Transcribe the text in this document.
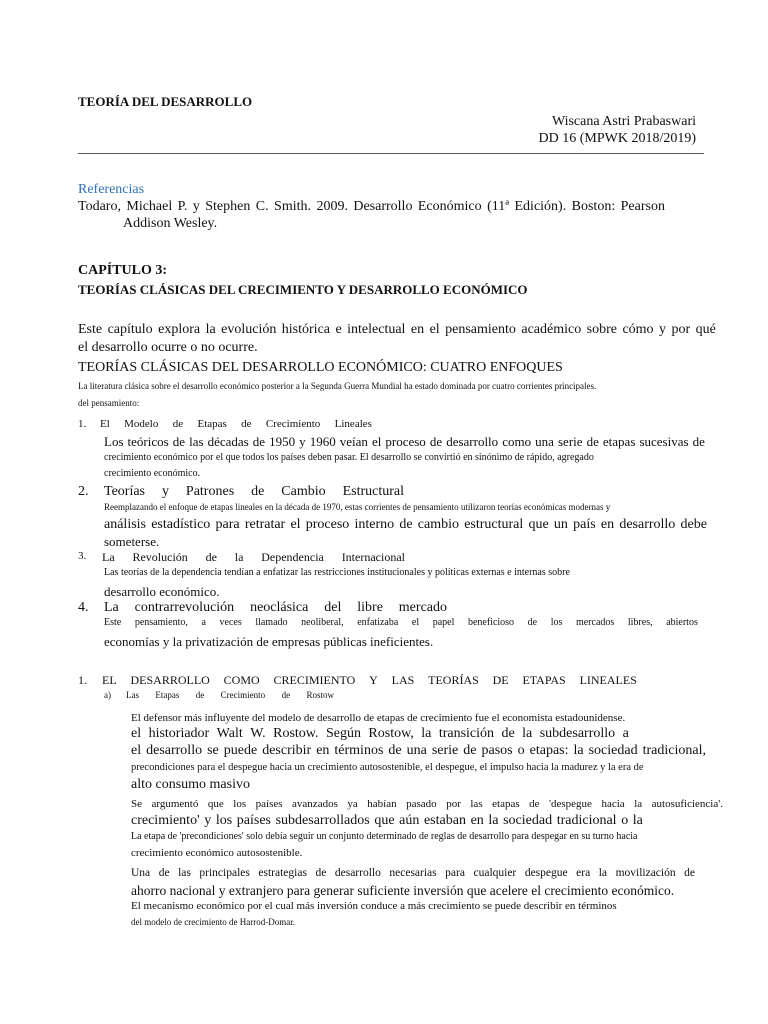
TEORÍA DEL DESARROLLO
Wiscana Astri Prabaswari
DD 16 (MPWK 2018/2019)
Referencias
Todaro, Michael P. y Stephen C. Smith. 2009. Desarrollo Económico (11ª Edición). Boston: Pearson
Addison Wesley.
CAPÍTULO 3:
TEORÍAS CLÁSICAS DEL CRECIMIENTO Y DESARROLLO ECONÓMICO
Este capítulo explora la evolución histórica e intelectual en el pensamiento académico sobre cómo y por qué
el desarrollo ocurre o no ocurre.
TEORÍAS CLÁSICAS DEL DESARROLLO ECONÓMICO: CUATRO ENFOQUES
La literatura clásica sobre el desarrollo económico posterior a la Segunda Guerra Mundial ha estado dominada por cuatro corrientes principales.
del pensamiento:
1. El Modelo de Etapas de Crecimiento Lineales
Los teóricos de las décadas de 1950 y 1960 veían el proceso de desarrollo como una serie de etapas sucesivas de
crecimiento económico por el que todos los países deben pasar. El desarrollo se convirtió en sinónimo de rápido, agregado
crecimiento económico.
2. Teorías y Patrones de Cambio Estructural
Reemplazando el enfoque de etapas lineales en la década de 1970, estas corrientes de pensamiento utilizaron teorías económicas modernas y
análisis estadístico para retratar el proceso interno de cambio estructural que un país en desarrollo debe
someterse.
3. La Revolución de la Dependencia Internacional
Las teorías de la dependencia tendían a enfatizar las restricciones institucionales y políticas externas e internas sobre
desarrollo económico.
4. La contrarrevolución neoclásica del libre mercado
Este pensamiento, a veces llamado neoliberal, enfatizaba el papel beneficioso de los mercados libres, abiertos
economías y la privatización de empresas públicas ineficientes.
1. EL DESARROLLO COMO CRECIMIENTO Y LAS TEORÍAS DE ETAPAS LINEALES
a) Las Etapas de Crecimiento de Rostow
El defensor más influyente del modelo de desarrollo de etapas de crecimiento fue el economista estadounidense.
el historiador Walt W. Rostow. Según Rostow, la transición de la subdesarrollo a
el desarrollo se puede describir en términos de una serie de pasos o etapas: la sociedad tradicional,
precondiciones para el despegue hacia un crecimiento autosostenible, el despegue, el impulso hacia la madurez y la era de
alto consumo masivo
Se argumentó que los países avanzados ya habían pasado por las etapas de 'despegue hacia la autosuficiencia'.
crecimiento' y los países subdesarrollados que aún estaban en la sociedad tradicional o la
La etapa de 'precondiciones' solo debía seguir un conjunto determinado de reglas de desarrollo para despegar en su turno hacia
crecimiento económico autosostenible.
Una de las principales estrategias de desarrollo necesarias para cualquier despegue era la movilización de
ahorro nacional y extranjero para generar suficiente inversión que acelere el crecimiento económico.
El mecanismo económico por el cual más inversión conduce a más crecimiento se puede describir en términos
del modelo de crecimiento de Harrod-Domar.
